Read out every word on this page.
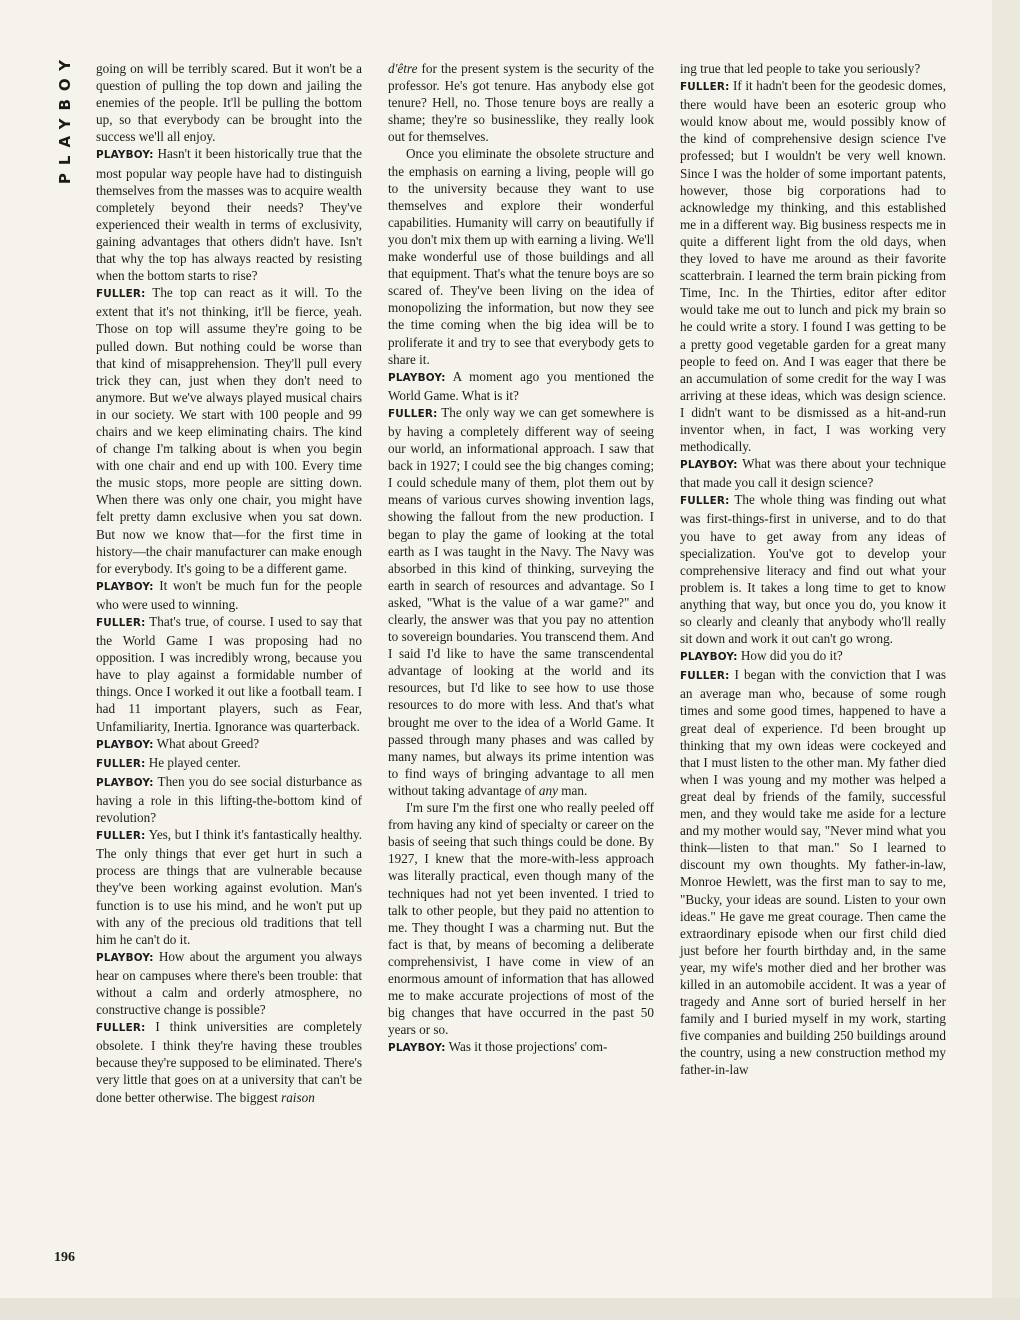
PLAYBOY
196

going on will be terribly scared. But it won't be a question of pulling the top down and jailing the enemies of the people. It'll be pulling the bottom up, so that everybody can be brought into the success we'll all enjoy.

PLAYBOY: Hasn't it been historically true that the most popular way people have had to distinguish themselves from the masses was to acquire wealth completely beyond their needs? They've experienced their wealth in terms of exclusivity, gaining advantages that others didn't have. Isn't that why the top has always reacted by resisting when the bottom starts to rise?

FULLER: The top can react as it will. To the extent that it's not thinking, it'll be fierce, yeah. Those on top will assume they're going to be pulled down. But nothing could be worse than that kind of misapprehension. They'll pull every trick they can, just when they don't need to anymore. But we've always played musical chairs in our society. We start with 100 people and 99 chairs and we keep eliminating chairs. The kind of change I'm talking about is when you begin with one chair and end up with 100. Every time the music stops, more people are sitting down. When there was only one chair, you might have felt pretty damn exclusive when you sat down. But now we know that—for the first time in history—the chair manufacturer can make enough for everybody. It's going to be a different game.

PLAYBOY: It won't be much fun for the people who were used to winning.

FULLER: That's true, of course. I used to say that the World Game I was proposing had no opposition. I was incredibly wrong, because you have to play against a formidable number of things. Once I worked it out like a football team. I had 11 important players, such as Fear, Unfamiliarity, Inertia. Ignorance was quarterback.

PLAYBOY: What about Greed?

FULLER: He played center.

PLAYBOY: Then you do see social disturbance as having a role in this lifting-the-bottom kind of revolution?

FULLER: Yes, but I think it's fantastically healthy. The only things that ever get hurt in such a process are things that are vulnerable because they've been working against evolution. Man's function is to use his mind, and he won't put up with any of the precious old traditions that tell him he can't do it.

PLAYBOY: How about the argument you always hear on campuses where there's been trouble: that without a calm and orderly atmosphere, no constructive change is possible?

FULLER: I think universities are completely obsolete. I think they're having these troubles because they're supposed to be eliminated. There's very little that goes on at a university that can't be done better otherwise. The biggest raison

d'être for the present system is the security of the professor. He's got tenure. Has anybody else got tenure? Hell, no. Those tenure boys are really a shame; they're so businesslike, they really look out for themselves.

Once you eliminate the obsolete structure and the emphasis on earning a living, people will go to the university because they want to use themselves and explore their wonderful capabilities. Humanity will carry on beautifully if you don't mix them up with earning a living. We'll make wonderful use of those buildings and all that equipment. That's what the tenure boys are so scared of. They've been living on the idea of monopolizing the information, but now they see the time coming when the big idea will be to proliferate it and try to see that everybody gets to share it.

PLAYBOY: A moment ago you mentioned the World Game. What is it?

FULLER: The only way we can get somewhere is by having a completely different way of seeing our world, an informational approach. I saw that back in 1927; I could see the big changes coming; I could schedule many of them, plot them out by means of various curves showing invention lags, showing the fallout from the new production. I began to play the game of looking at the total earth as I was taught in the Navy. The Navy was absorbed in this kind of thinking, surveying the earth in search of resources and advantage. So I asked, "What is the value of a war game?" and clearly, the answer was that you pay no attention to sovereign boundaries. You transcend them. And I said I'd like to have the same transcendental advantage of looking at the world and its resources, but I'd like to see how to use those resources to do more with less. And that's what brought me over to the idea of a World Game. It passed through many phases and was called by many names, but always its prime intention was to find ways of bringing advantage to all men without taking advantage of any man.

I'm sure I'm the first one who really peeled off from having any kind of specialty or career on the basis of seeing that such things could be done. By 1927, I knew that the more-with-less approach was literally practical, even though many of the techniques had not yet been invented. I tried to talk to other people, but they paid no attention to me. They thought I was a charming nut. But the fact is that, by means of becoming a deliberate comprehensivist, I have come in view of an enormous amount of information that has allowed me to make accurate projections of most of the big changes that have occurred in the past 50 years or so.

PLAYBOY: Was it those projections' com-

ing true that led people to take you seriously?

FULLER: If it hadn't been for the geodesic domes, there would have been an esoteric group who would know about me, would possibly know of the kind of comprehensive design science I've professed; but I wouldn't be very well known. Since I was the holder of some important patents, however, those big corporations had to acknowledge my thinking, and this established me in a different way. Big business respects me in quite a different light from the old days, when they loved to have me around as their favorite scatterbrain. I learned the term brain picking from Time, Inc. In the Thirties, editor after editor would take me out to lunch and pick my brain so he could write a story. I found I was getting to be a pretty good vegetable garden for a great many people to feed on. And I was eager that there be an accumulation of some credit for the way I was arriving at these ideas, which was design science. I didn't want to be dismissed as a hit-and-run inventor when, in fact, I was working very methodically.

PLAYBOY: What was there about your technique that made you call it design science?

FULLER: The whole thing was finding out what was first-things-first in universe, and to do that you have to get away from any ideas of specialization. You've got to develop your comprehensive literacy and find out what your problem is. It takes a long time to get to know anything that way, but once you do, you know it so clearly and cleanly that anybody who'll really sit down and work it out can't go wrong.

PLAYBOY: How did you do it?

FULLER: I began with the conviction that I was an average man who, because of some rough times and some good times, happened to have a great deal of experience. I'd been brought up thinking that my own ideas were cockeyed and that I must listen to the other man. My father died when I was young and my mother was helped a great deal by friends of the family, successful men, and they would take me aside for a lecture and my mother would say, "Never mind what you think—listen to that man." So I learned to discount my own thoughts. My father-in-law, Monroe Hewlett, was the first man to say to me, "Bucky, your ideas are sound. Listen to your own ideas." He gave me great courage. Then came the extraordinary episode when our first child died just before her fourth birthday and, in the same year, my wife's mother died and her brother was killed in an automobile accident. It was a year of tragedy and Anne sort of buried herself in her family and I buried myself in my work, starting five companies and building 250 buildings around the country, using a new construction method my father-in-law
